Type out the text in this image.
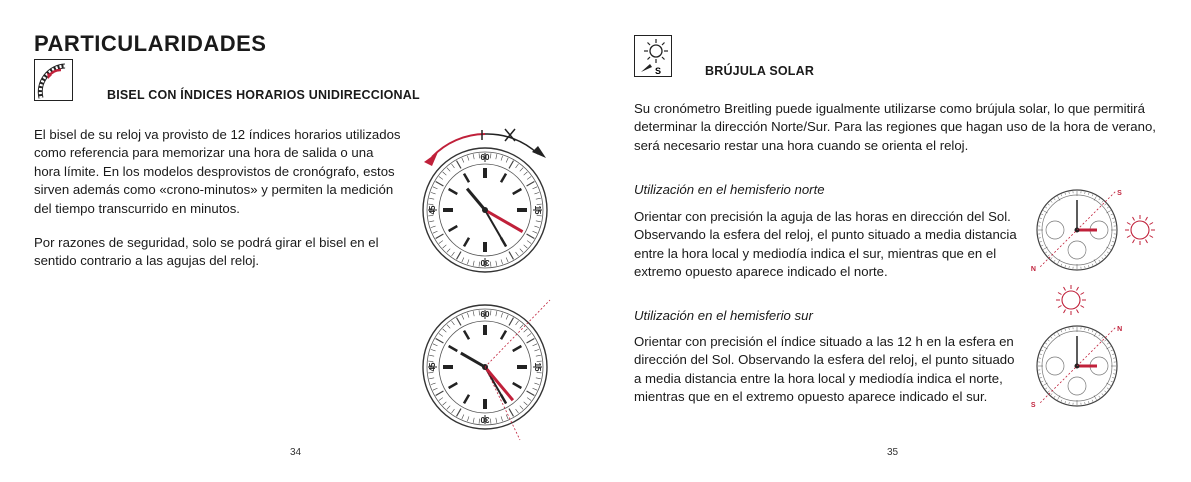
PARTICULARIDADES
BISEL CON ÍNDICES HORARIOS UNIDIRECCIONAL
El bisel de su reloj va provisto de 12 índices horarios utilizados como referencia para memorizar una hora de salida o una hora límite. En los modelos desprovistos de cronógrafo, estos sirven además como «crono-minutos» y permiten la medición del tiempo transcurrido en minutos.
Por razones de seguridad, solo se podrá girar el bisel en el sentido contrario a las agujas del reloj.
60
15
30
45
60
15
30
45
34
S	BRÚJULA SOLAR
Su cronómetro Breitling puede igualmente utilizarse como brújula solar, lo que permitirá determinar la dirección Norte/Sur. Para las regiones que hagan uso de la hora de verano, será necesario restar una hora cuando se orienta el reloj.
Utilización en el hemisferio norte
Orientar con precisión la aguja de las horas en dirección del Sol. Observando la esfera del reloj, el punto situado a media distancia entre la hora local y mediodía indica el sur, mientras que en el extremo opuesto aparece indicado el norte.
Utilización en el hemisferio sur
Orientar con precisión el índice situado a las 12 h en la esfera en dirección del Sol. Observando la esfera del reloj, el punto situado a media distancia entre la hora local y mediodía indica el norte, mientras que en el extremo opuesto aparece indicado el sur.
S
N
N
S
35
